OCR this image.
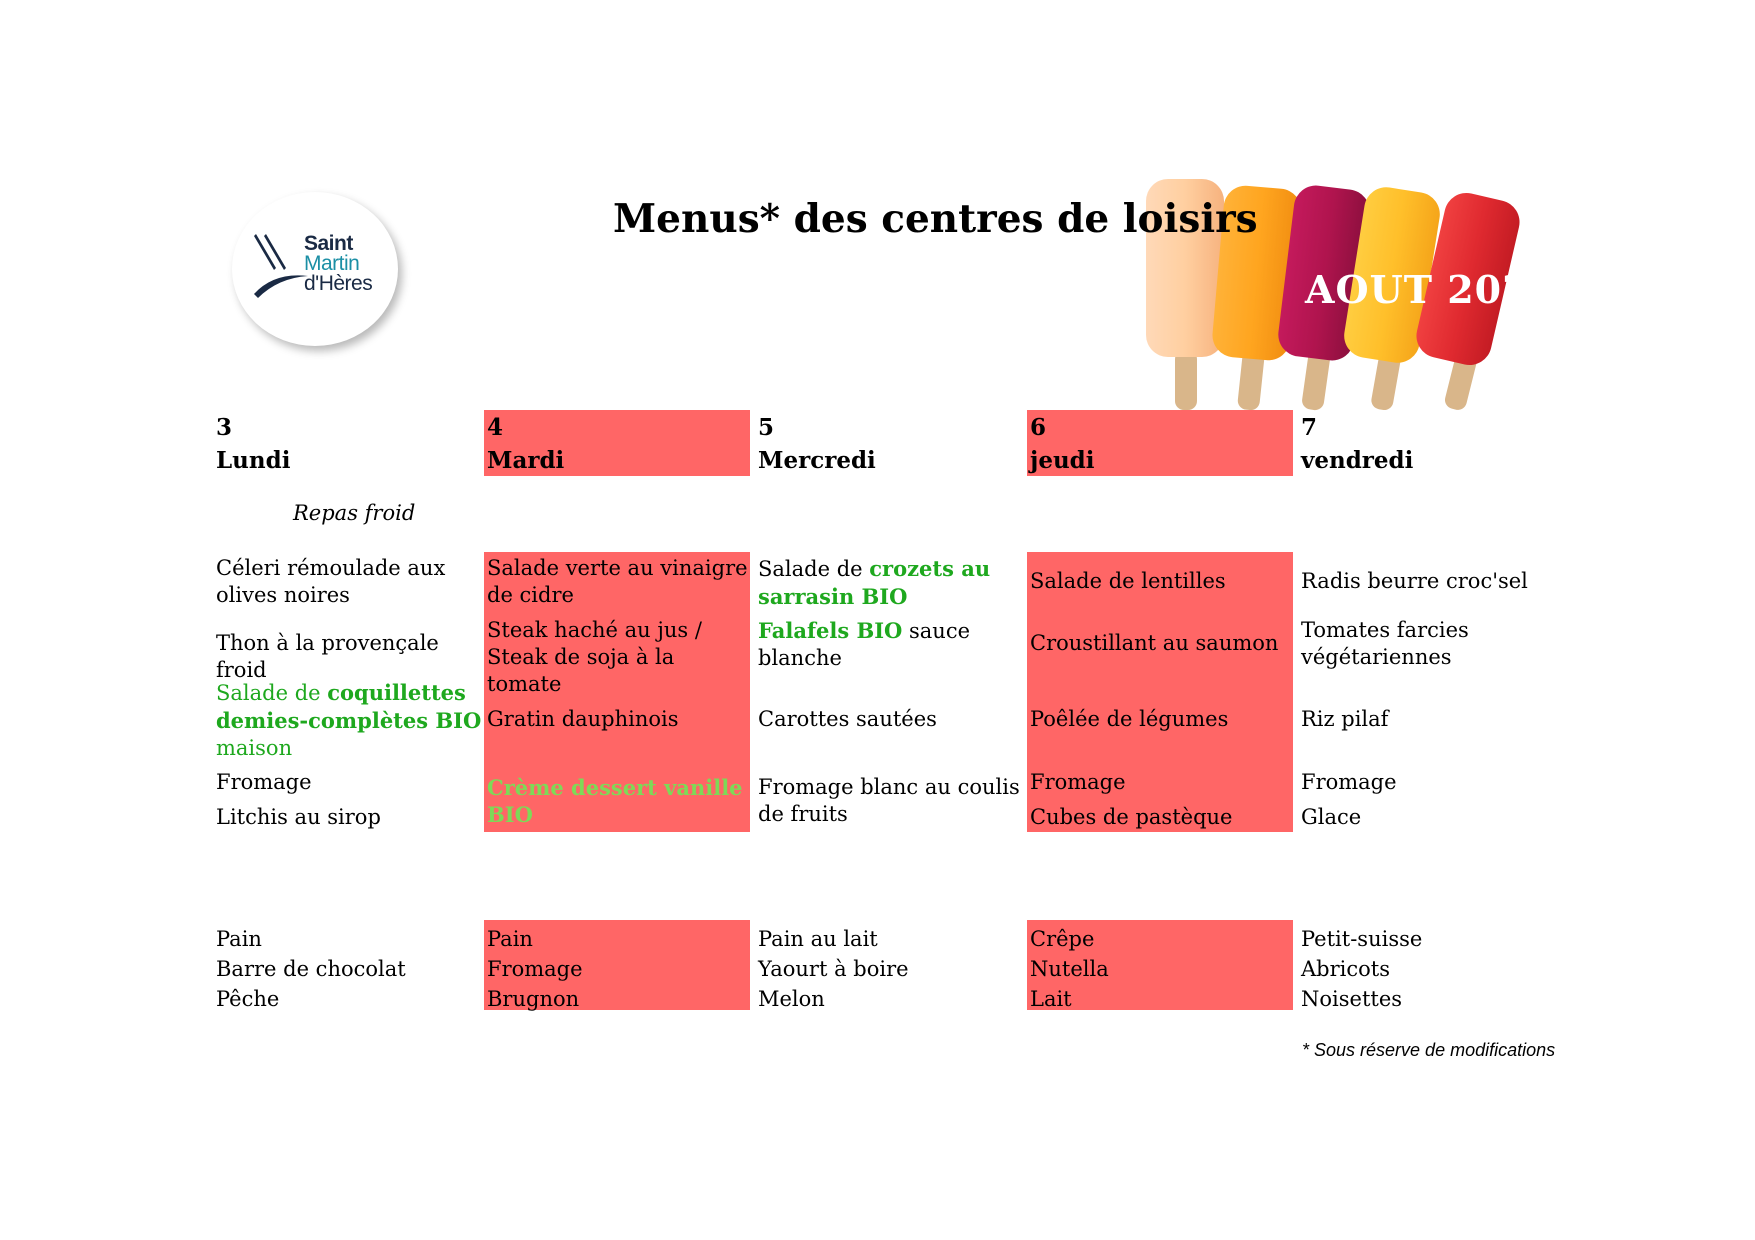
Saint
Martin
d'Hères
Menus* des centres de loisirs
AOUT 2020
3
Lundi
4
Mardi
5
Mercredi
6
jeudi
7
vendredi
Repas froid
Céleri rémoulade aux olives noires
Thon à la provençale froid
Salade de coquillettes demies-complètes BIO
maison
Fromage
Litchis au sirop
Salade verte au vinaigre de cidre
Steak haché au jus / Steak de soja à la tomate
Gratin dauphinois
Crème dessert vanille BIO
Salade de crozets au sarrasin BIO
Falafels BIO sauce blanche
Carottes sautées
Fromage blanc au coulis de fruits
Salade de lentilles
Croustillant au saumon
Poêlée de légumes
Fromage
Cubes de pastèque
Radis beurre croc'sel
Tomates farcies végétariennes
Riz pilaf
Fromage
Glace
Pain
Barre de chocolat
Pêche
Pain
Fromage
Brugnon
Pain au lait
Yaourt à boire
Melon
Crêpe
Nutella
Lait
Petit-suisse
Abricots
Noisettes
* Sous réserve de modifications
